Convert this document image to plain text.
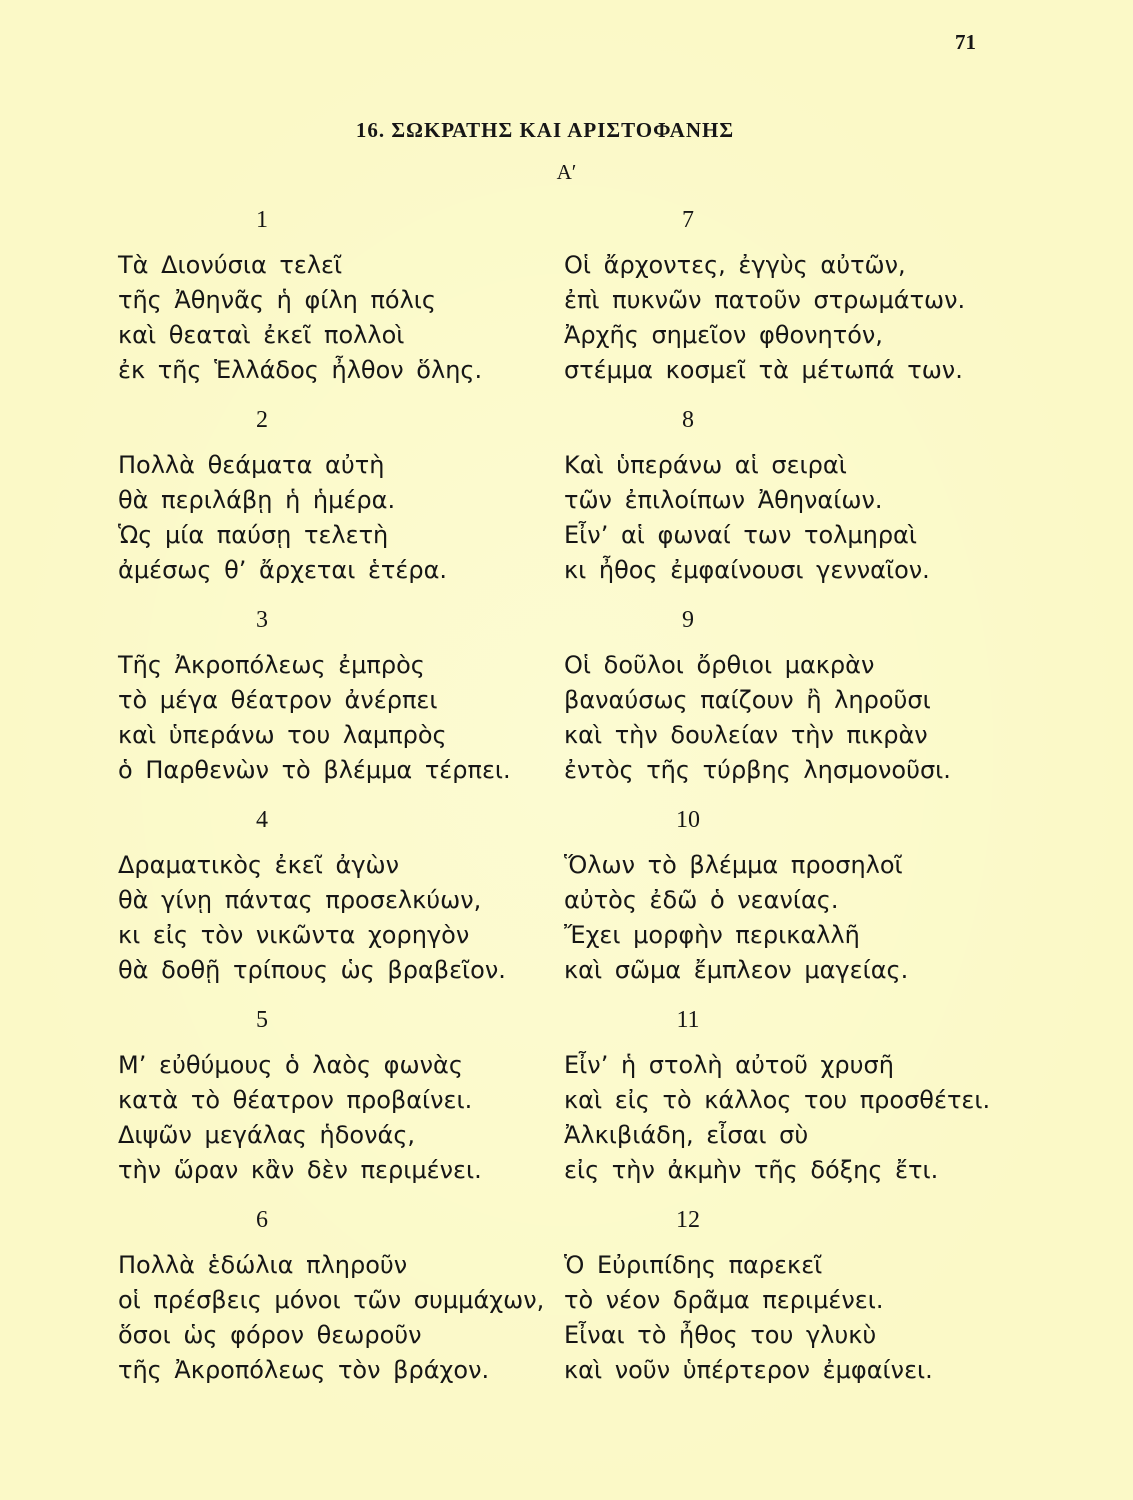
71
16. ΣΩΚΡΑΤΗΣ ΚΑΙ ΑΡΙΣΤΟΦΑΝΗΣ
Α′
1
Τὰ Διονύσια τελεῖ
τῆς Ἀθηνᾶς ἡ φίλη πόλις
καὶ θεαταὶ ἐκεῖ πολλοὶ
ἐκ τῆς Ἑλλάδος ἦλθον ὅλης.
2
Πολλὰ θεάματα αὐτὴ
θὰ περιλάβῃ ἡ ἡμέρα.
Ὡς μία παύσῃ τελετὴ
ἀμέσως θ’ ἄρχεται ἑτέρα.
3
Τῆς Ἀκροπόλεως ἐμπρὸς
τὸ μέγα θέατρον ἀνέρπει
καὶ ὑπεράνω του λαμπρὸς
ὁ Παρθενὼν τὸ βλέμμα τέρπει.
4
Δραματικὸς ἐκεῖ ἀγὼν
θὰ γίνῃ πάντας προσελκύων,
κι εἰς τὸν νικῶντα χορηγὸν
θὰ δοθῇ τρίπους ὡς βραβεῖον.
5
Μ’ εὐθύμους ὁ λαὸς φωνὰς
κατὰ τὸ θέατρον προβαίνει.
Διψῶν μεγάλας ἡδονάς,
τὴν ὥραν κἂν δὲν περιμένει.
6
Πολλὰ ἑδώλια πληροῦν
οἱ πρέσβεις μόνοι τῶν συμμάχων,
ὅσοι ὡς φόρον θεωροῦν
τῆς Ἀκροπόλεως τὸν βράχον.
7
Οἱ ἄρχοντες, ἐγγὺς αὐτῶν,
ἐπὶ πυκνῶν πατοῦν στρωμάτων.
Ἀρχῆς σημεῖον φθονητόν,
στέμμα κοσμεῖ τὰ μέτωπά των.
8
Καὶ ὑπεράνω αἱ σειραὶ
τῶν ἐπιλοίπων Ἀθηναίων.
Εἶν’ αἱ φωναί των τολμηραὶ
κι ἦθος ἐμφαίνουσι γενναῖον.
9
Οἱ δοῦλοι ὄρθιοι μακρὰν
βαναύσως παίζουν ἢ ληροῦσι
καὶ τὴν δουλείαν τὴν πικρὰν
ἐντὸς τῆς τύρβης λησμονοῦσι.
10
Ὅλων τὸ βλέμμα προσηλοῖ
αὐτὸς ἐδῶ ὁ νεανίας.
Ἔχει μορφὴν περικαλλῆ
καὶ σῶμα ἔμπλεον μαγείας.
11
Εἶν’ ἡ στολὴ αὐτοῦ χρυσῆ
καὶ εἰς τὸ κάλλος του προσθέτει.
Ἀλκιβιάδη, εἶσαι σὺ
εἰς τὴν ἀκμὴν τῆς δόξης ἔτι.
12
Ὁ Εὐριπίδης παρεκεῖ
τὸ νέον δρᾶμα περιμένει.
Εἶναι τὸ ἦθος του γλυκὺ
καὶ νοῦν ὑπέρτερον ἐμφαίνει.
